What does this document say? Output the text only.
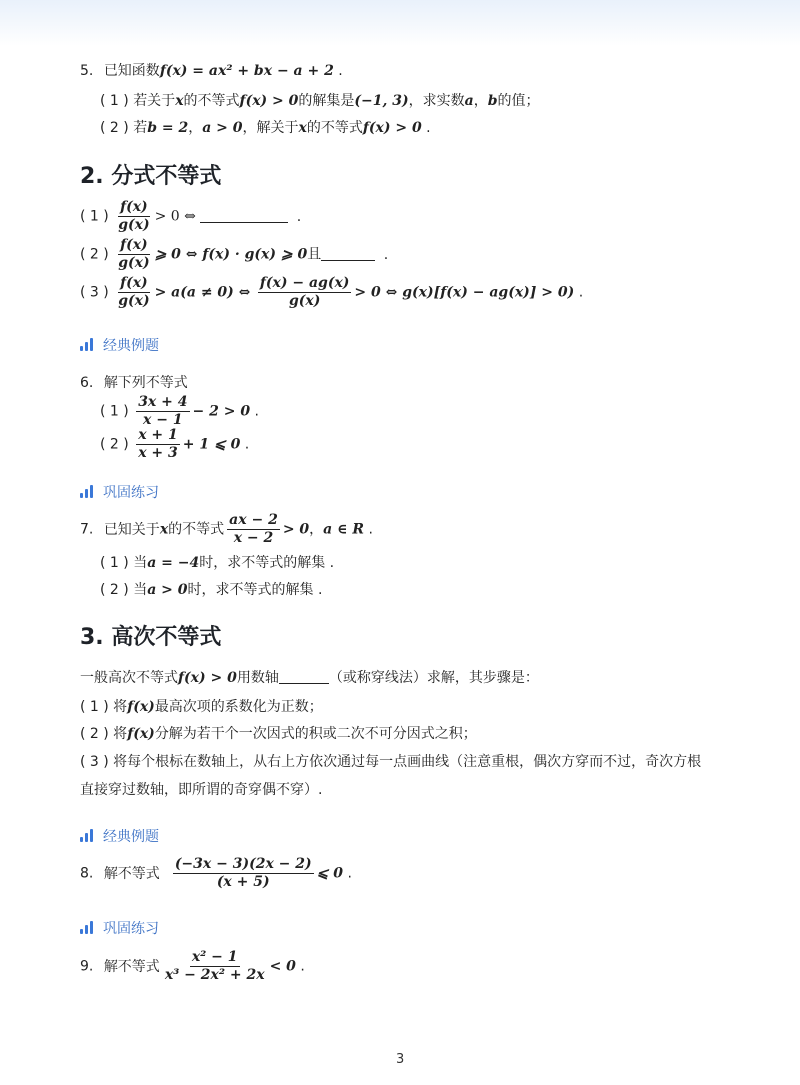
5. 已知函数f(x) = ax² + bx − a + 2 .
( 1 ) 若关于x的不等式f(x) > 0的解集是(−1, 3)，求实数a，b的值；
( 2 ) 若b = 2，a > 0，解关于x的不等式f(x) > 0 .
2. 分式不等式
( 1 ) $\frac{f(x)}{g(x)} > 0$ ⇔	.
( 2 ) $\frac{f(x)}{g(x)}$ ⩾ 0 ⇔ f(x) · g(x) ⩾ 0且	.
( 3 ) $\frac{f(x)}{g(x)} > a(a \ne 0)$ ⇔ $\frac{f(x) - ag(x)}{g(x)} > 0$ ⇔ g(x)[f(x) − ag(x)] > 0) .
经典例题
6. 解下列不等式
( 1 ) $\frac{3x + 4}{x - 1} - 2 > 0$ .
( 2 ) $\frac{x + 1}{x + 3} + 1$ ⩽ 0 .
巩固练习
7. 已知关于x的不等式 $\frac{ax - 2}{x - 2} > 0$，a ∈ R .
( 1 ) 当a = −4时，求不等式的解集 .
( 2 ) 当a > 0时，求不等式的解集 .
3. 高次不等式
一般高次不等式f(x) > 0用数轴	（或称穿线法）求解，其步骤是：
( 1 ) 将f(x)最高次项的系数化为正数；
( 2 ) 将f(x)分解为若干个一次因式的积或二次不可分因式之积；
( 3 ) 将每个根标在数轴上，从右上方依次通过每一点画曲线（注意重根，偶次方穿而不过，奇次方根
直接穿过数轴，即所谓的奇穿偶不穿）.
经典例题
8. 解不等式 $\frac{(-3x - 3)(2x - 2)}{(x + 5)}$ ⩽ 0 .
巩固练习
9. 解不等式 $\frac{\text{x² − 1}}{\text{x³ − 2x² + 2x}} < 0$ .
3
